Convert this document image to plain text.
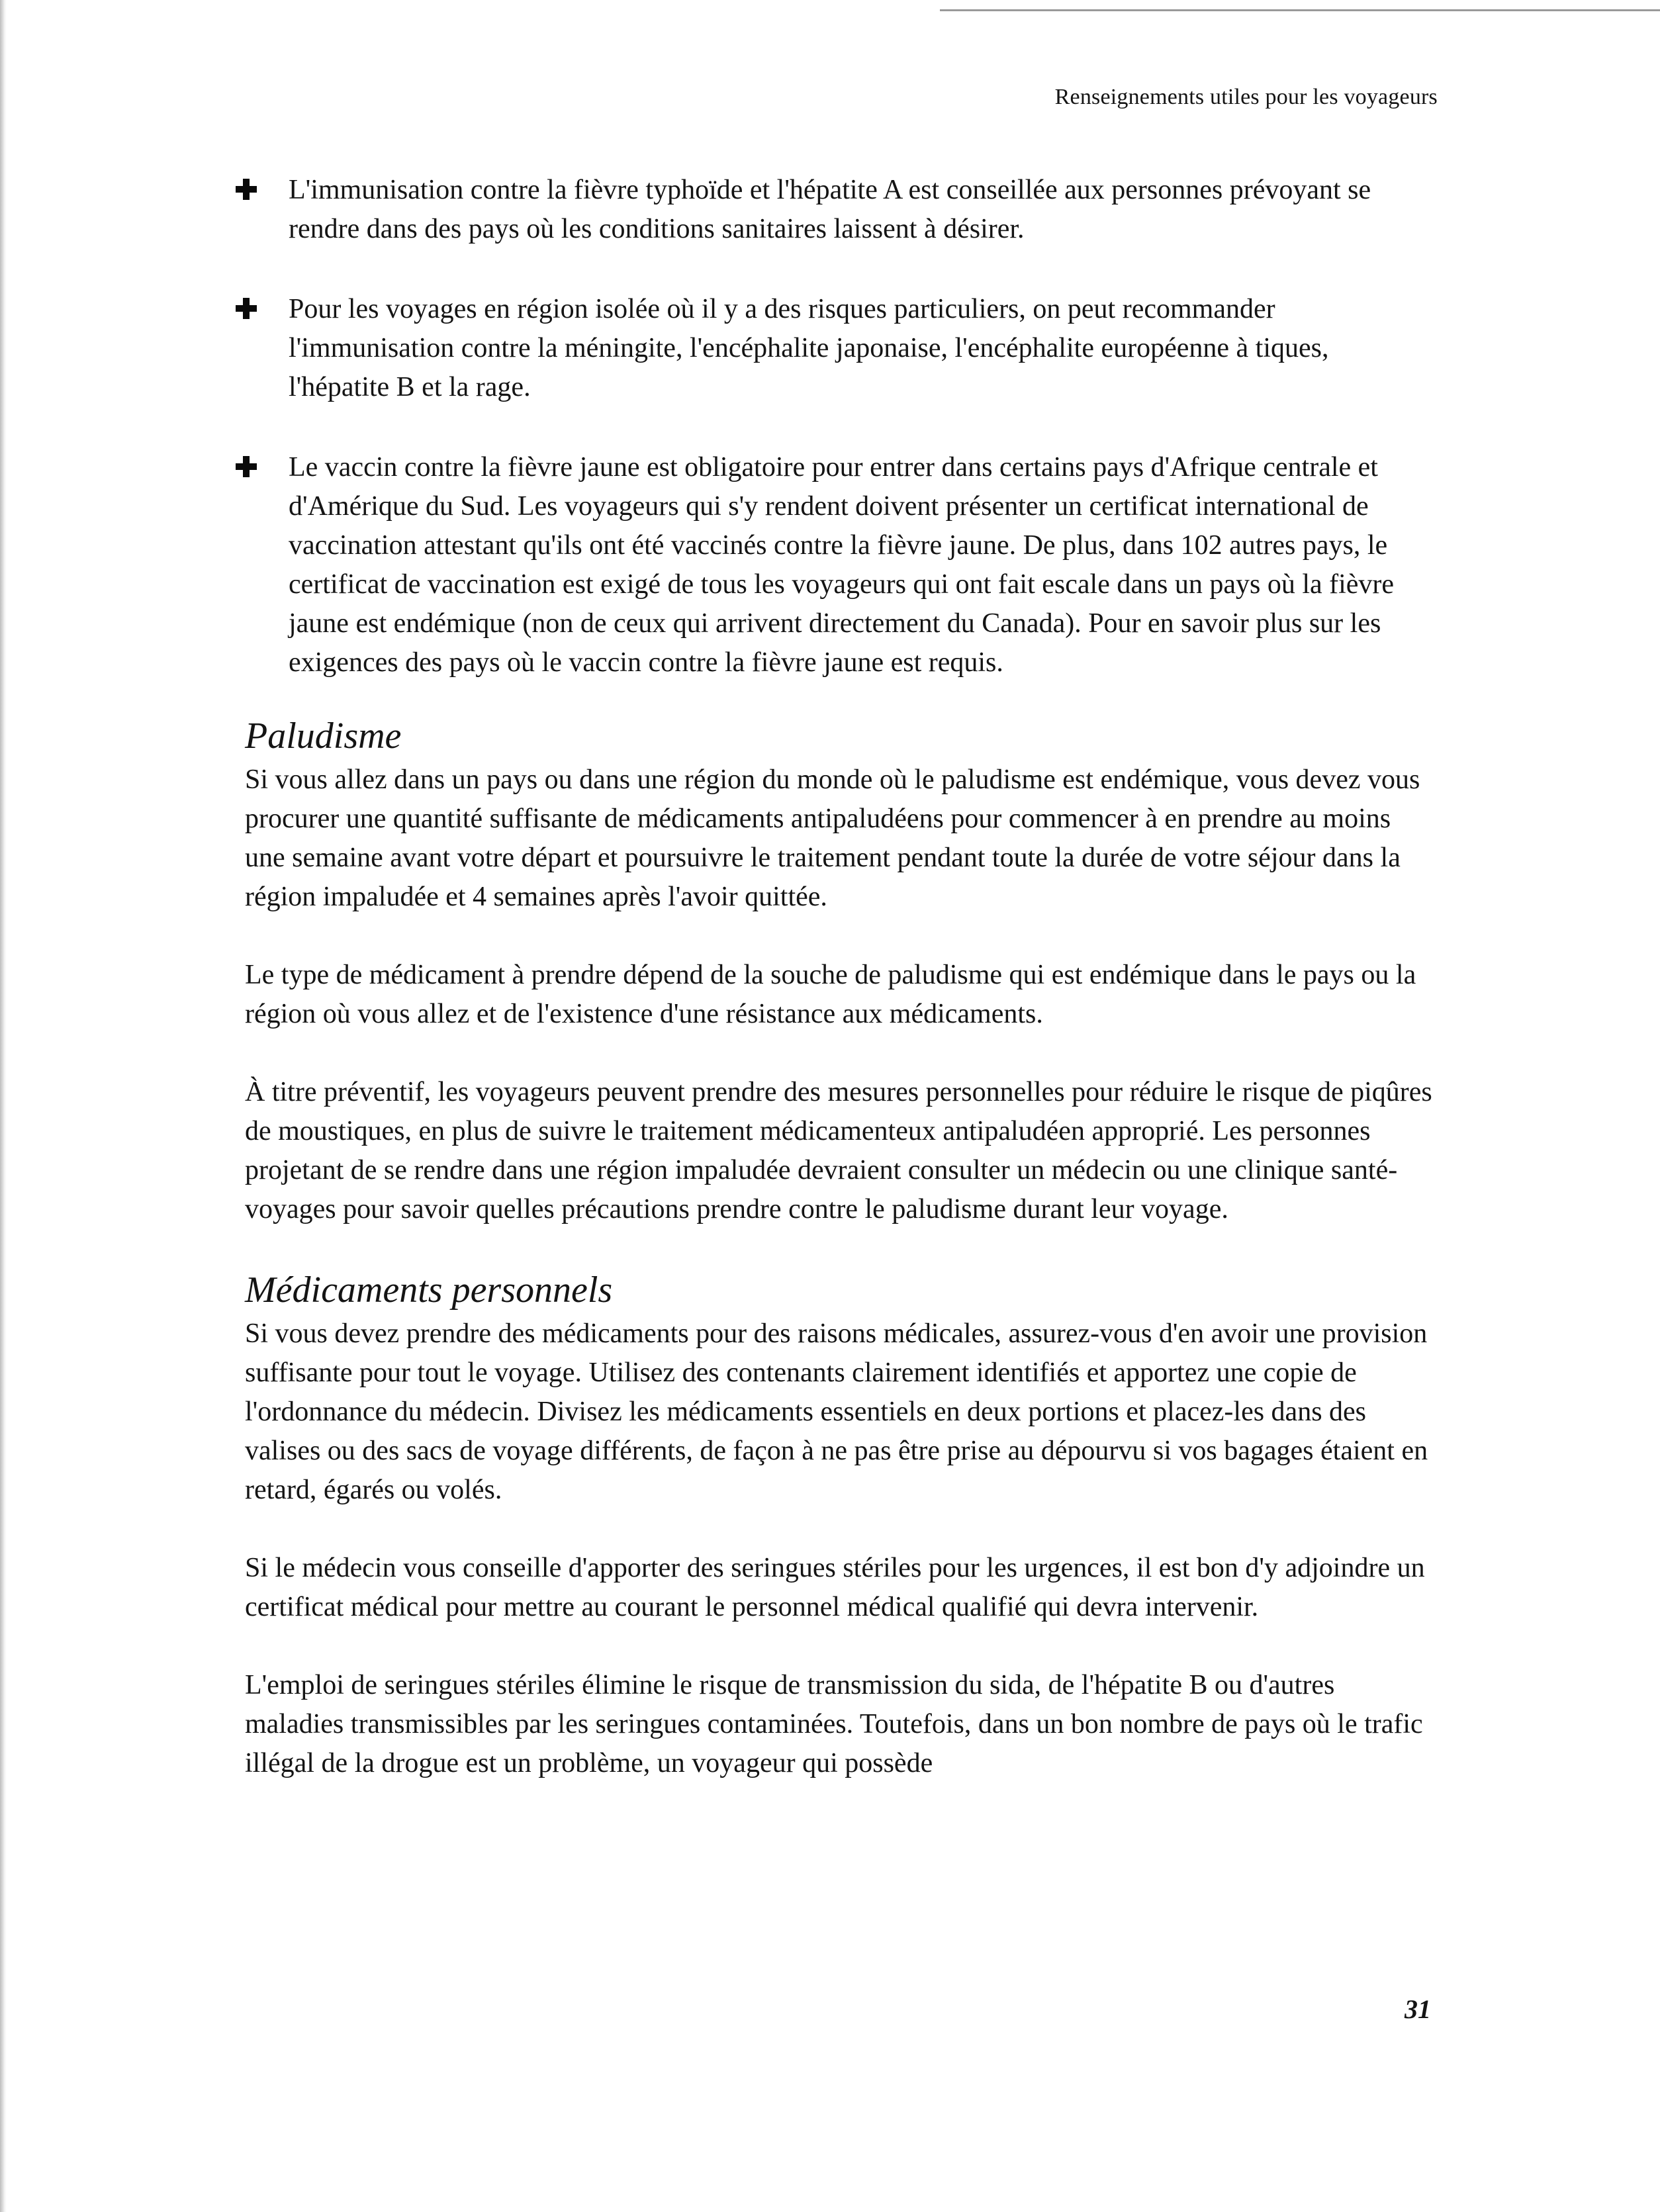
Renseignements utiles pour les voyageurs

L'immunisation contre la fièvre typhoïde et l'hépatite A est conseillée aux personnes prévoyant se rendre dans des pays où les conditions sanitaires laissent à désirer.

Pour les voyages en région isolée où il y a des risques particuliers, on peut recommander l'immunisation contre la méningite, l'encéphalite japonaise, l'encéphalite européenne à tiques, l'hépatite B et la rage.

Le vaccin contre la fièvre jaune est obligatoire pour entrer dans certains pays d'Afrique centrale et d'Amérique du Sud. Les voyageurs qui s'y rendent doivent présenter un certificat international de vaccination attestant qu'ils ont été vaccinés contre la fièvre jaune. De plus, dans 102 autres pays, le certificat de vaccination est exigé de tous les voyageurs qui ont fait escale dans un pays où la fièvre jaune est endémique (non de ceux qui arrivent directement du Canada). Pour en savoir plus sur les exigences des pays où le vaccin contre la fièvre jaune est requis.

Paludisme

Si vous allez dans un pays ou dans une région du monde où le paludisme est endémique, vous devez vous procurer une quantité suffisante de médicaments antipaludéens pour commencer à en prendre au moins une semaine avant votre départ et poursuivre le traitement pendant toute la durée de votre séjour dans la région impaludée et 4 semaines après l'avoir quittée.

Le type de médicament à prendre dépend de la souche de paludisme qui est endémique dans le pays ou la région où vous allez et de l'existence d'une résistance aux médicaments.

À titre préventif, les voyageurs peuvent prendre des mesures personnelles pour réduire le risque de piqûres de moustiques, en plus de suivre le traitement médicamenteux antipaludéen approprié. Les personnes projetant de se rendre dans une région impaludée devraient consulter un médecin ou une clinique santé-voyages pour savoir quelles précautions prendre contre le paludisme durant leur voyage.

Médicaments personnels

Si vous devez prendre des médicaments pour des raisons médicales, assurez-vous d'en avoir une provision suffisante pour tout le voyage. Utilisez des contenants clairement identifiés et apportez une copie de l'ordonnance du médecin. Divisez les médicaments essentiels en deux portions et placez-les dans des valises ou des sacs de voyage différents, de façon à ne pas être prise au dépourvu si vos bagages étaient en retard, égarés ou volés.

Si le médecin vous conseille d'apporter des seringues stériles pour les urgences, il est bon d'y adjoindre un certificat médical pour mettre au courant le personnel médical qualifié qui devra intervenir.

L'emploi de seringues stériles élimine le risque de transmission du sida, de l'hépatite B ou d'autres maladies transmissibles par les seringues contaminées. Toutefois, dans un bon nombre de pays où le trafic illégal de la drogue est un problème, un voyageur qui possède

31
